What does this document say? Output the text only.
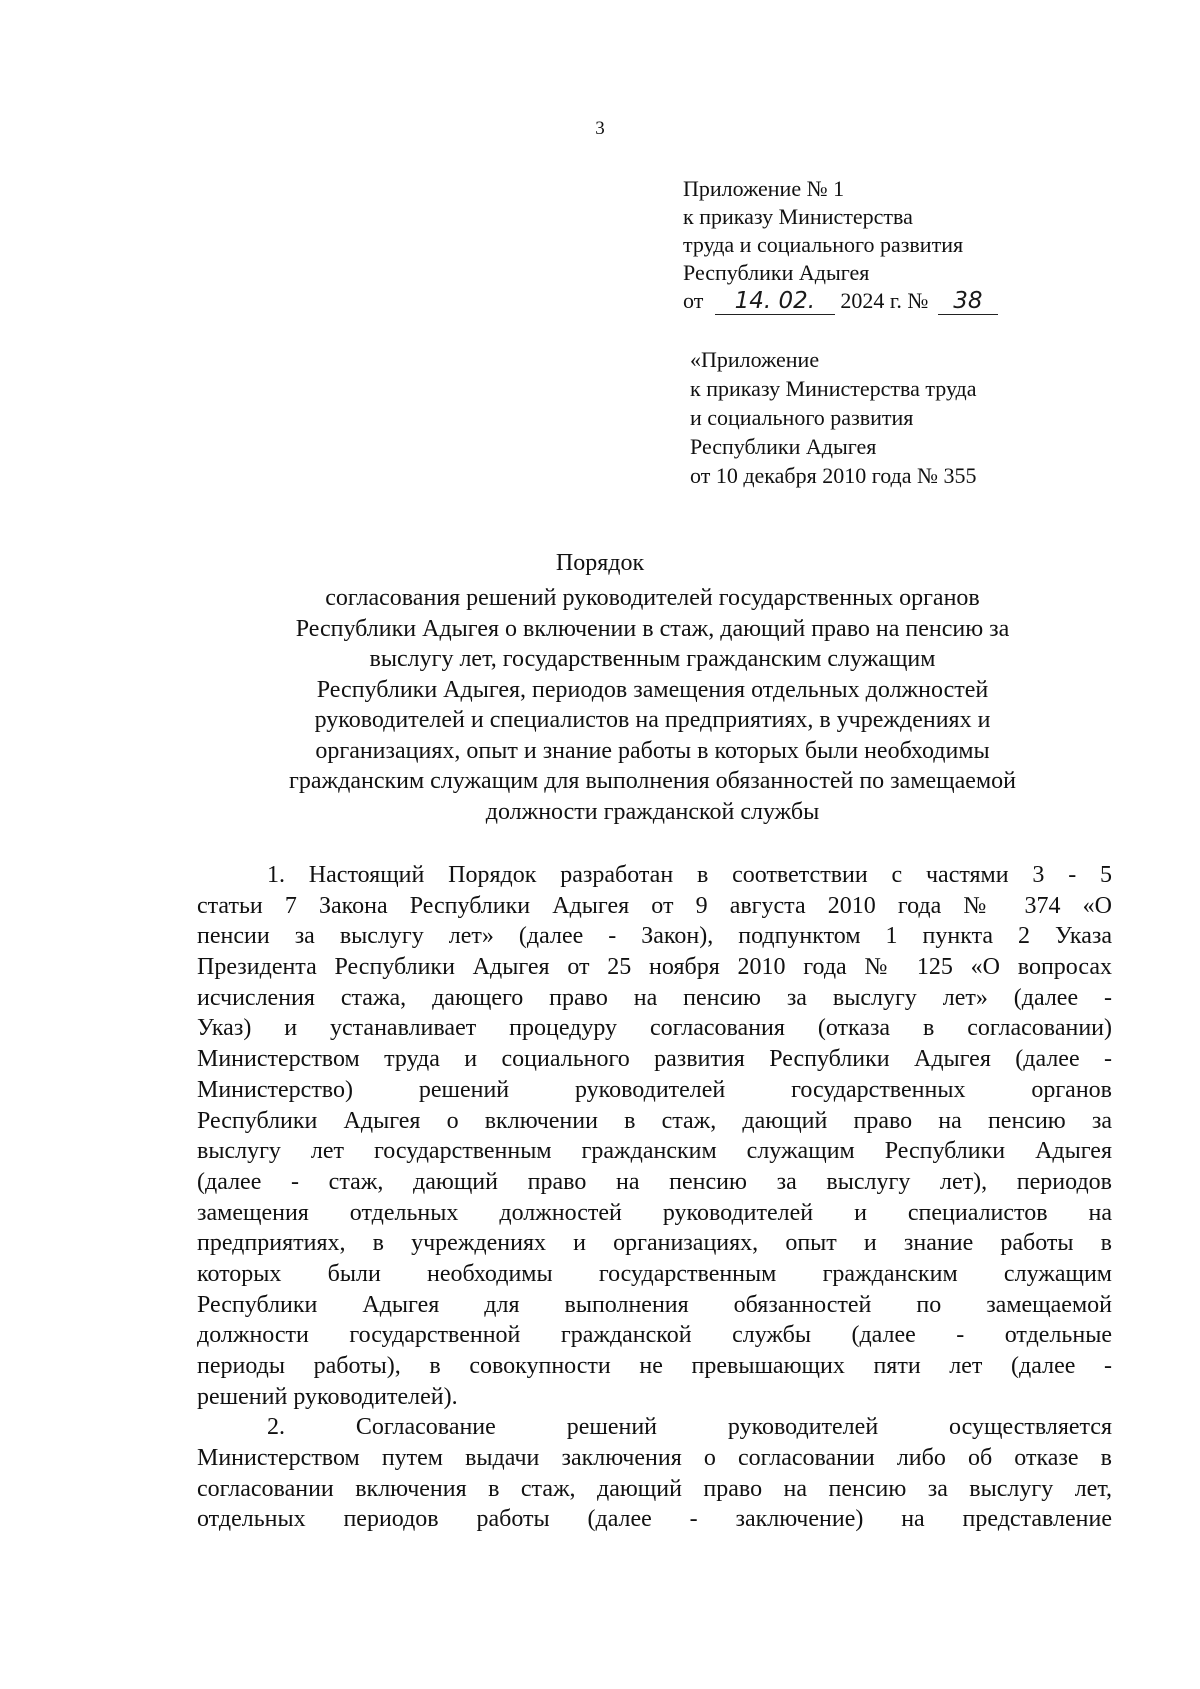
3
Приложение № 1
к приказу Министерства
труда и социального развития
Республики Адыгея
от 14. 02. 2024 г. № 38
«Приложение
к приказу Министерства труда
и социального развития
Республики Адыгея
от 10 декабря 2010 года № 355
Порядок
согласования решений руководителей государственных органов
Республики Адыгея о включении в стаж, дающий право на пенсию за
выслугу лет, государственным гражданским служащим
Республики Адыгея, периодов замещения отдельных должностей
руководителей и специалистов на предприятиях, в учреждениях и
организациях, опыт и знание работы в которых были необходимы
гражданским служащим для выполнения обязанностей по замещаемой
должности гражданской службы
1. Настоящий Порядок разработан в соответствии с частями 3 - 5
статьи 7 Закона Республики Адыгея от 9 августа 2010 года № 374 «О
пенсии за выслугу лет» (далее - Закон), подпунктом 1 пункта 2 Указа
Президента Республики Адыгея от 25 ноября 2010 года № 125 «О вопросах
исчисления стажа, дающего право на пенсию за выслугу лет» (далее -
Указ) и устанавливает процедуру согласования (отказа в согласовании)
Министерством труда и социального развития Республики Адыгея (далее -
Министерство) решений руководителей государственных органов
Республики Адыгея о включении в стаж, дающий право на пенсию за
выслугу лет государственным гражданским служащим Республики Адыгея
(далее - стаж, дающий право на пенсию за выслугу лет), периодов
замещения отдельных должностей руководителей и специалистов на
предприятиях, в учреждениях и организациях, опыт и знание работы в
которых были необходимы государственным гражданским служащим
Республики Адыгея для выполнения обязанностей по замещаемой
должности государственной гражданской службы (далее - отдельные
периоды работы), в совокупности не превышающих пяти лет (далее -
решений руководителей).
2. Согласование решений руководителей осуществляется
Министерством путем выдачи заключения о согласовании либо об отказе в
согласовании включения в стаж, дающий право на пенсию за выслугу лет,
отдельных периодов работы (далее - заключение) на представление
